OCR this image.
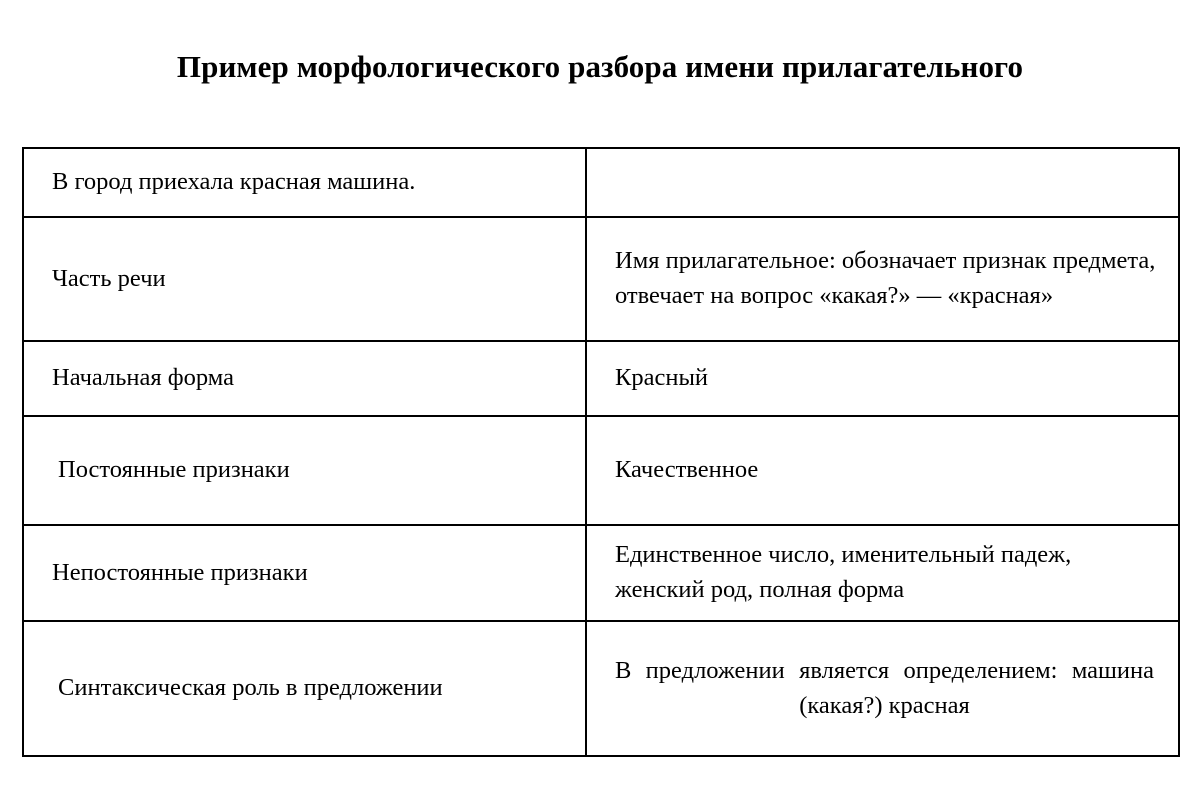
Пример морфологического разбора имени прилагательного
В город приехала красная машина.	

Часть речи	Имя прилагательное: обозначает признак предмета, отвечает на вопрос «какая?» — «красная»

Начальная форма	Красный

Постоянные признаки	Качественное

Непостоянные признаки	Единственное число, именительный падеж, женский род, полная форма

Синтаксическая роль в предложении	В предложении является определением: машина (какая?) красная
